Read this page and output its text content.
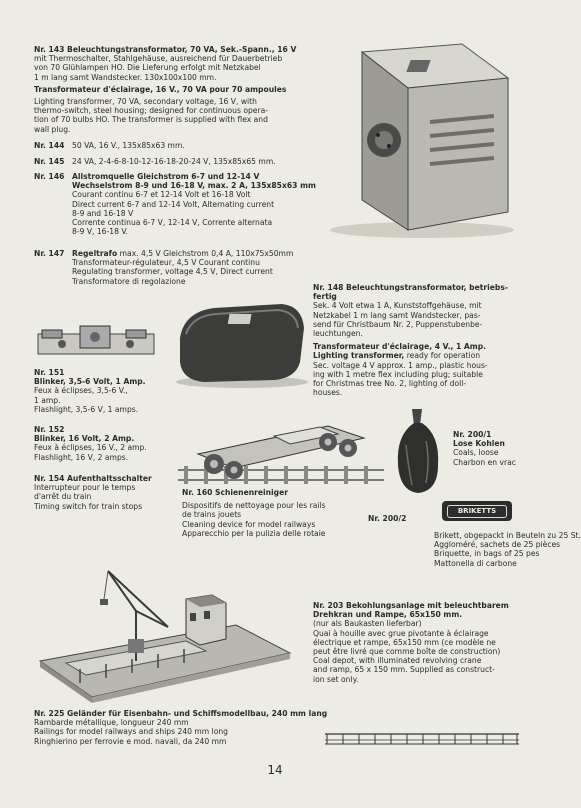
Nr. 143 Beleuchtungstransformator, 70 VA, Sek.-Spann., 16 V
mit Thermoschalter, Stahlgehäuse, ausreichend für Dauerbetrieb
von 70 Glühlampen HO. Die Lieferung erfolgt mit Netzkabel
1 m lang samt Wandstecker. 130x100x100 mm.
Transformateur d'éclairage, 16 V., 70 VA pour 70 ampoules
Lighting transformer, 70 VA, secondary voltage, 16 V, with
thermo-switch, steel housing; designed for continuous opera-
tion of 70 bulbs HO. The transformer is supplied with flex and
wall plug.
Nr. 144 50 VA, 16 V., 135x85x63 mm.
Nr. 145 24 VA, 2-4-6-8-10-12-16-18-20-24 V, 135x85x65 mm.
Nr. 146 Allstromquelle Gleichstrom 6-7 und 12-14 V
Wechselstrom 8-9 und 16-18 V, max. 2 A, 135x85x63 mm
Courant continu 6-7 et 12-14 Volt et 16-18 Volt
Direct current 6-7 and 12-14 Volt, Alternating current
8-9 and 16-18 V
Corrente continua 6-7 V, 12-14 V, Corrente alternata
8-9 V, 16-18 V.
Nr. 147 Regeltrafo max. 4,5 V Gleichstrom 0,4 A, 110x75x50mm
Transformateur-régulateur, 4,5 V Courant continu
Regulating transformer, voltage 4,5 V, Direct current
Transformatore di regolazione
Nr. 148 Beleuchtungstransformator, betriebs-
fertig
Sek. 4 Volt etwa 1 A, Kunststoffgehäuse, mit
Netzkabel 1 m lang samt Wandstecker, pas-
send für Christbaum Nr. 2, Puppenstubenbe-
leuchtungen.
Transformateur d'éclairage, 4 V., 1 Amp.
Lighting transformer, ready for operation
Sec. voltage 4 V approx. 1 amp., plastic hous-
ing with 1 metre flex including plug; suitable
for Christmas tree No. 2, lighting of doll-
houses.
Nr. 151
Blinker, 3,5-6 Volt, 1 Amp.
Feux à éclipses, 3,5-6 V.,
1 amp.
Flashlight, 3,5-6 V, 1 amps.
Nr. 152
Blinker, 16 Volt, 2 Amp.
Feux à éclipses, 16 V., 2 amp.
Flashlight, 16 V, 2 amps.
Nr. 154 Aufenthaltsschalter
Interrupteur pour le temps
d'arrêt du train
Timing switch for train stops
Nr. 160 Schienenreiniger
Dispositifs de nettoyage pour les rails
de trains jouets
Cleaning device for model railways
Apparecchio per la pulizia delle rotaie
Nr. 200/1
Lose Kohlen
Coals, loose
Charbon en vrac
Nr. 200/2
BRIKETTS
Brikett, obgepackt in Beuteln zu 25 St.
Aggloméré, sachets de 25 pièces
Briquette, in bags of 25 pes
Mattonella di carbone
Nr. 203 Bekohlungsanlage mit beleuchtbarem
Drehkran und Rampe, 65x150 mm.
(nur als Baukasten lieferbar)
Quai à houille avec grue pivotante à éclairage
électrique et rampe, 65x150 mm (ce modèle ne
peut être livré que comme boîte de construction)
Coal depot, with illuminated revolving crane
and ramp, 65 x 150 mm. Supplied as construct-
ion set only.
Nr. 225 Geländer für Eisenbahn- und Schiffsmodellbau, 240 mm lang
Rambarde métallique, longueur 240 mm
Railings for model railways and ships 240 mm long
Ringhierino per ferrovie e mod. navali, da 240 mm
14
